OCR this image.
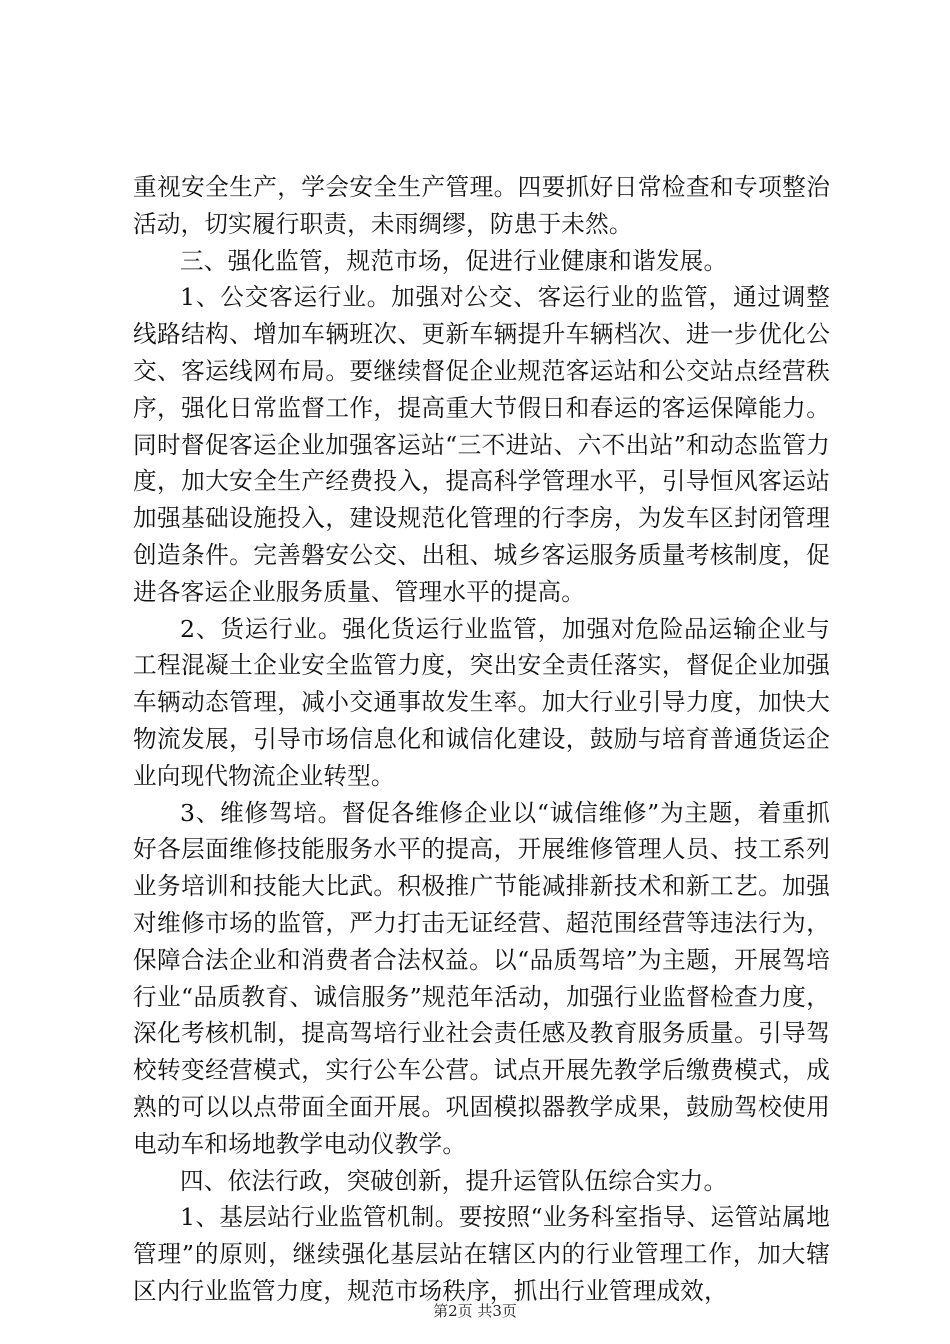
重视安全生产，学会安全生产管理。四要抓好日常检查和专项整治活动，切实履行职责，未雨绸缪，防患于未然。

三、强化监管，规范市场，促进行业健康和谐发展。

1、公交客运行业。加强对公交、客运行业的监管，通过调整线路结构、增加车辆班次、更新车辆提升车辆档次、进一步优化公交、客运线网布局。要继续督促企业规范客运站和公交站点经营秩序，强化日常监督工作，提高重大节假日和春运的客运保障能力。同时督促客运企业加强客运站“三不进站、六不出站”和动态监管力度，加大安全生产经费投入，提高科学管理水平，引导恒风客运站加强基础设施投入，建设规范化管理的行李房，为发车区封闭管理创造条件。完善磐安公交、出租、城乡客运服务质量考核制度，促进各客运企业服务质量、管理水平的提高。

2、货运行业。强化货运行业监管，加强对危险品运输企业与工程混凝土企业安全监管力度，突出安全责任落实，督促企业加强车辆动态管理，减小交通事故发生率。加大行业引导力度，加快大物流发展，引导市场信息化和诚信化建设，鼓励与培育普通货运企业向现代物流企业转型。

3、维修驾培。督促各维修企业以“诚信维修”为主题，着重抓好各层面维修技能服务水平的提高，开展维修管理人员、技工系列业务培训和技能大比武。积极推广节能减排新技术和新工艺。加强对维修市场的监管，严力打击无证经营、超范围经营等违法行为，保障合法企业和消费者合法权益。以“品质驾培”为主题，开展驾培行业“品质教育、诚信服务”规范年活动，加强行业监督检查力度，深化考核机制，提高驾培行业社会责任感及教育服务质量。引导驾校转变经营模式，实行公车公营。试点开展先教学后缴费模式，成熟的可以以点带面全面开展。巩固模拟器教学成果，鼓励驾校使用电动车和场地教学电动仪教学。

四、依法行政，突破创新，提升运管队伍综合实力。

1、基层站行业监管机制。要按照“业务科室指导、运管站属地管理”的原则，继续强化基层站在辖区内的行业管理工作，加大辖区内行业监管力度，规范市场秩序，抓出行业管理成效，

第2页 共3页
